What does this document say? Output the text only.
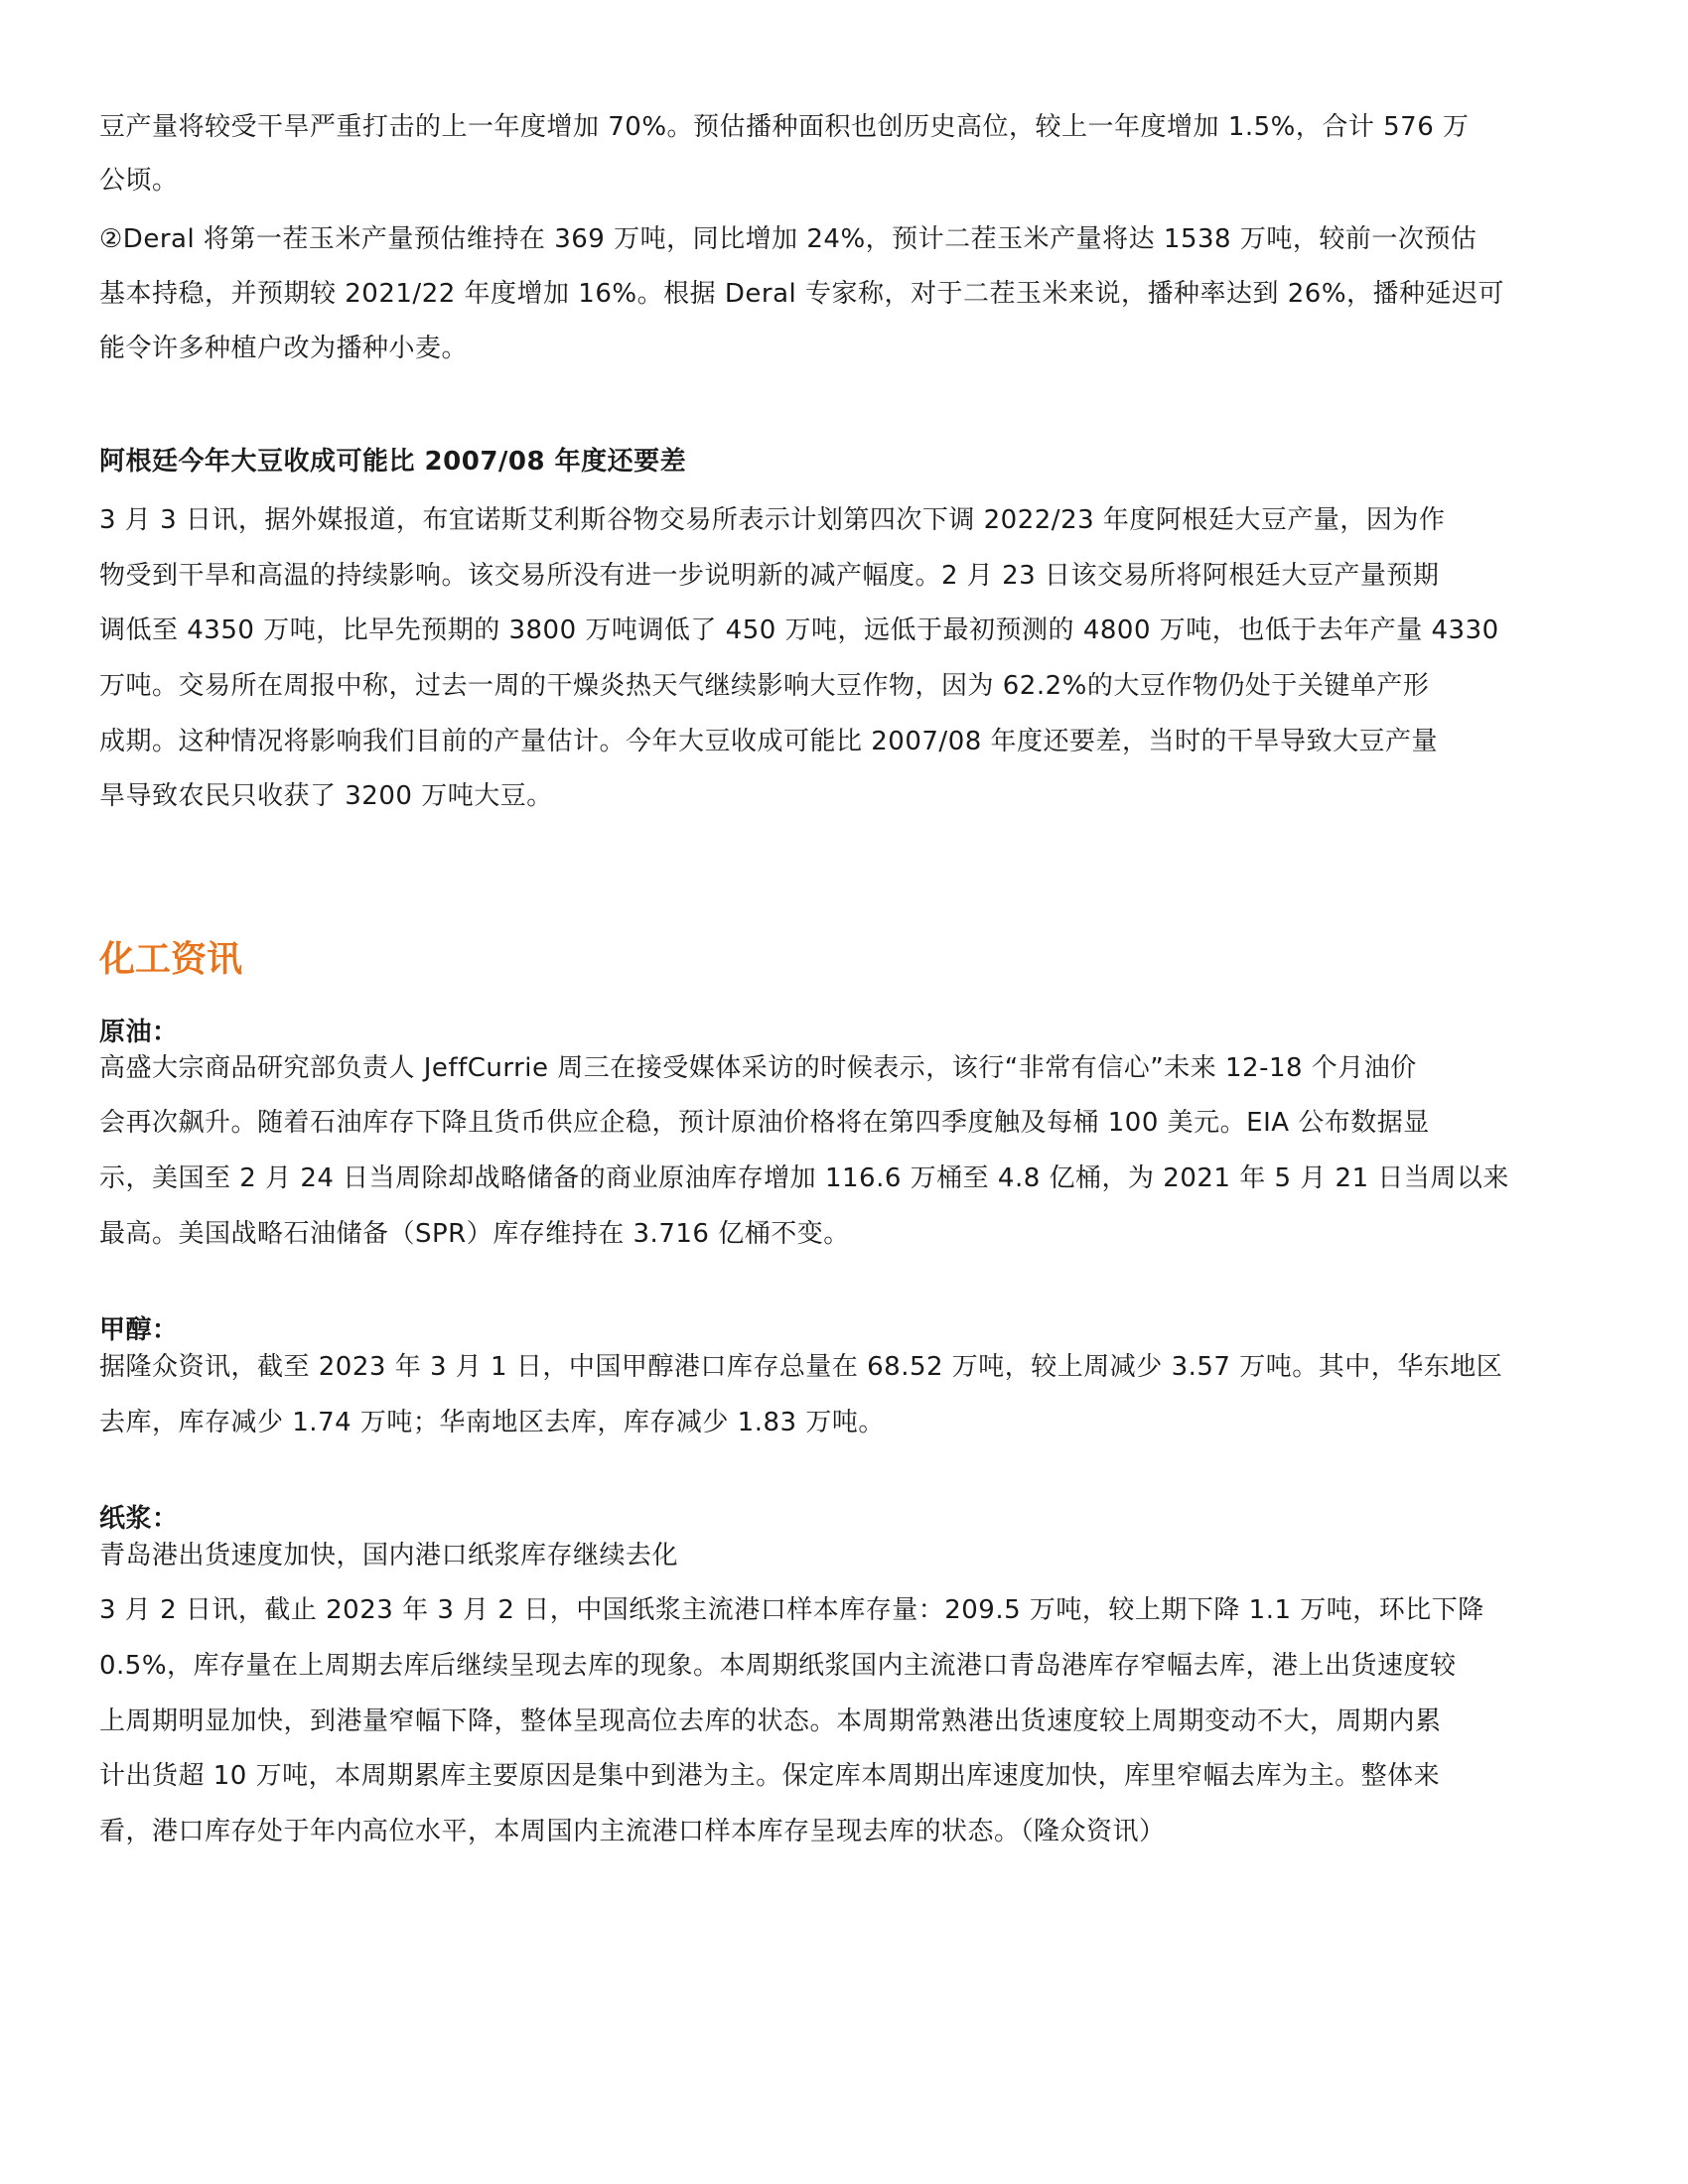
豆产量将较受干旱严重打击的上一年度增加 70%。预估播种面积也创历史高位，较上一年度增加 1.5%，合计 576 万
公顷。
②Deral 将第一茬玉米产量预估维持在 369 万吨，同比增加 24%，预计二茬玉米产量将达 1538 万吨，较前一次预估
基本持稳，并预期较 2021/22 年度增加 16%。根据 Deral 专家称，对于二茬玉米来说，播种率达到 26%，播种延迟可
能令许多种植户改为播种小麦。
阿根廷今年大豆收成可能比 2007/08 年度还要差
3 月 3 日讯，据外媒报道，布宜诺斯艾利斯谷物交易所表示计划第四次下调 2022/23 年度阿根廷大豆产量，因为作
物受到干旱和高温的持续影响。该交易所没有进一步说明新的减产幅度。2 月 23 日该交易所将阿根廷大豆产量预期
调低至 4350 万吨，比早先预期的 3800 万吨调低了 450 万吨，远低于最初预测的 4800 万吨，也低于去年产量 4330
万吨。交易所在周报中称，过去一周的干燥炎热天气继续影响大豆作物，因为 62.2%的大豆作物仍处于关键单产形
成期。这种情况将影响我们目前的产量估计。今年大豆收成可能比 2007/08 年度还要差，当时的干旱导致大豆产量
旱导致农民只收获了 3200 万吨大豆。
化工资讯
原油：
高盛大宗商品研究部负责人 JeffCurrie 周三在接受媒体采访的时候表示，该行“非常有信心”未来 12-18 个月油价
会再次飙升。随着石油库存下降且货币供应企稳，预计原油价格将在第四季度触及每桶 100 美元。EIA 公布数据显
示，美国至 2 月 24 日当周除却战略储备的商业原油库存增加 116.6 万桶至 4.8 亿桶，为 2021 年 5 月 21 日当周以来
最高。美国战略石油储备（SPR）库存维持在 3.716 亿桶不变。
甲醇：
据隆众资讯，截至 2023 年 3 月 1 日，中国甲醇港口库存总量在 68.52 万吨，较上周减少 3.57 万吨。其中，华东地区
去库，库存减少 1.74 万吨；华南地区去库，库存减少 1.83 万吨。
纸浆：
青岛港出货速度加快，国内港口纸浆库存继续去化
3 月 2 日讯，截止 2023 年 3 月 2 日，中国纸浆主流港口样本库存量：209.5 万吨，较上期下降 1.1 万吨，环比下降
0.5%，库存量在上周期去库后继续呈现去库的现象。本周期纸浆国内主流港口青岛港库存窄幅去库，港上出货速度较
上周期明显加快，到港量窄幅下降，整体呈现高位去库的状态。本周期常熟港出货速度较上周期变动不大，周期内累
计出货超 10 万吨，本周期累库主要原因是集中到港为主。保定库本周期出库速度加快，库里窄幅去库为主。整体来
看，港口库存处于年内高位水平，本周国内主流港口样本库存呈现去库的状态。（隆众资讯）
